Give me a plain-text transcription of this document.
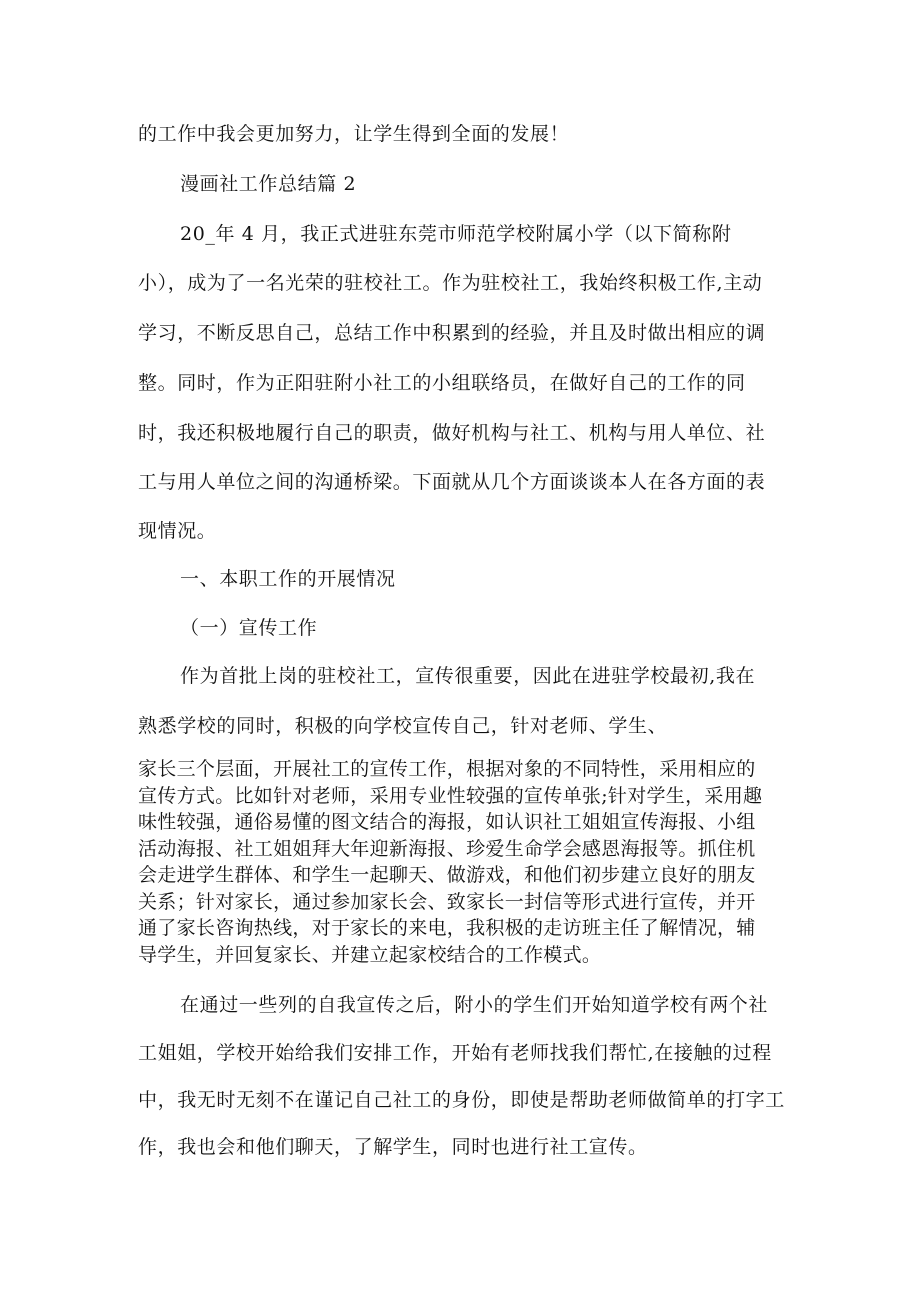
的工作中我会更加努力，让学生得到全面的发展！

漫画社工作总结篇 2

20_年 4 月，我正式进驻东莞市师范学校附属小学（以下简称附

小），成为了一名光荣的驻校社工。作为驻校社工，我始终积极工作,主动

学习，不断反思自己，总结工作中积累到的经验，并且及时做出相应的调

整。同时，作为正阳驻附小社工的小组联络员，在做好自己的工作的同

时，我还积极地履行自己的职责，做好机构与社工、机构与用人单位、社

工与用人单位之间的沟通桥梁。下面就从几个方面谈谈本人在各方面的表

现情况。

一、本职工作的开展情况

（一）宣传工作

作为首批上岗的驻校社工，宣传很重要，因此在进驻学校最初,我在

熟悉学校的同时，积极的向学校宣传自己，针对老师、学生、

家长三个层面，开展社工的宣传工作，根据对象的不同特性，采用相应的
宣传方式。比如针对老师，采用专业性较强的宣传单张;针对学生，采用趣
味性较强，通俗易懂的图文结合的海报，如认识社工姐姐宣传海报、小组
活动海报、社工姐姐拜大年迎新海报、珍爱生命学会感恩海报等。抓住机
会走进学生群体、和学生一起聊天、做游戏，和他们初步建立良好的朋友
关系；针对家长，通过参加家长会、致家长一封信等形式进行宣传，并开
通了家长咨询热线，对于家长的来电，我积极的走访班主任了解情况，辅
导学生，并回复家长、并建立起家校结合的工作模式。

在通过一些列的自我宣传之后，附小的学生们开始知道学校有两个社

工姐姐，学校开始给我们安排工作，开始有老师找我们帮忙,在接触的过程

中，我无时无刻不在谨记自己社工的身份，即使是帮助老师做简单的打字工

作，我也会和他们聊天，了解学生，同时也进行社工宣传。
